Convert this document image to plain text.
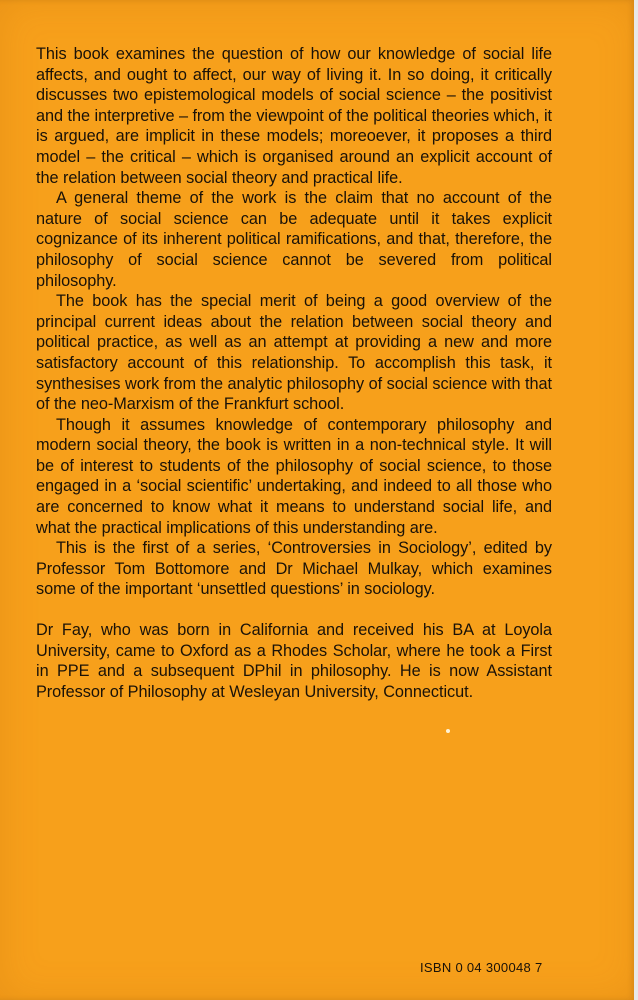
This book examines the question of how our knowledge of social life affects, and ought to affect, our way of living it. In so doing, it critically discusses two epistemological models of social science – the positivist and the interpretive – from the viewpoint of the political theories which, it is argued, are implicit in these models; moreoever, it proposes a third model – the critical – which is organised around an explicit account of the relation between social theory and practical life.

A general theme of the work is the claim that no account of the nature of social science can be adequate until it takes explicit cognizance of its inherent political ramifications, and that, therefore, the philosophy of social science cannot be severed from political philosophy.

The book has the special merit of being a good overview of the principal current ideas about the relation between social theory and political practice, as well as an attempt at providing a new and more satisfactory account of this relationship. To accomplish this task, it synthesises work from the analytic philosophy of social science with that of the neo-Marxism of the Frankfurt school.

Though it assumes knowledge of contemporary philosophy and modern social theory, the book is written in a non-technical style. It will be of interest to students of the philosophy of social science, to those engaged in a ‘social scientific’ undertaking, and indeed to all those who are concerned to know what it means to understand social life, and what the practical implications of this understanding are.

This is the first of a series, ‘Controversies in Sociology’, edited by Professor Tom Bottomore and Dr Michael Mulkay, which examines some of the important ‘unsettled questions’ in sociology.

Dr Fay, who was born in California and received his BA at Loyola University, came to Oxford as a Rhodes Scholar, where he took a First in PPE and a subsequent DPhil in philosophy. He is now Assistant Professor of Philosophy at Wesleyan University, Connecticut.

ISBN 0 04 300048 7
